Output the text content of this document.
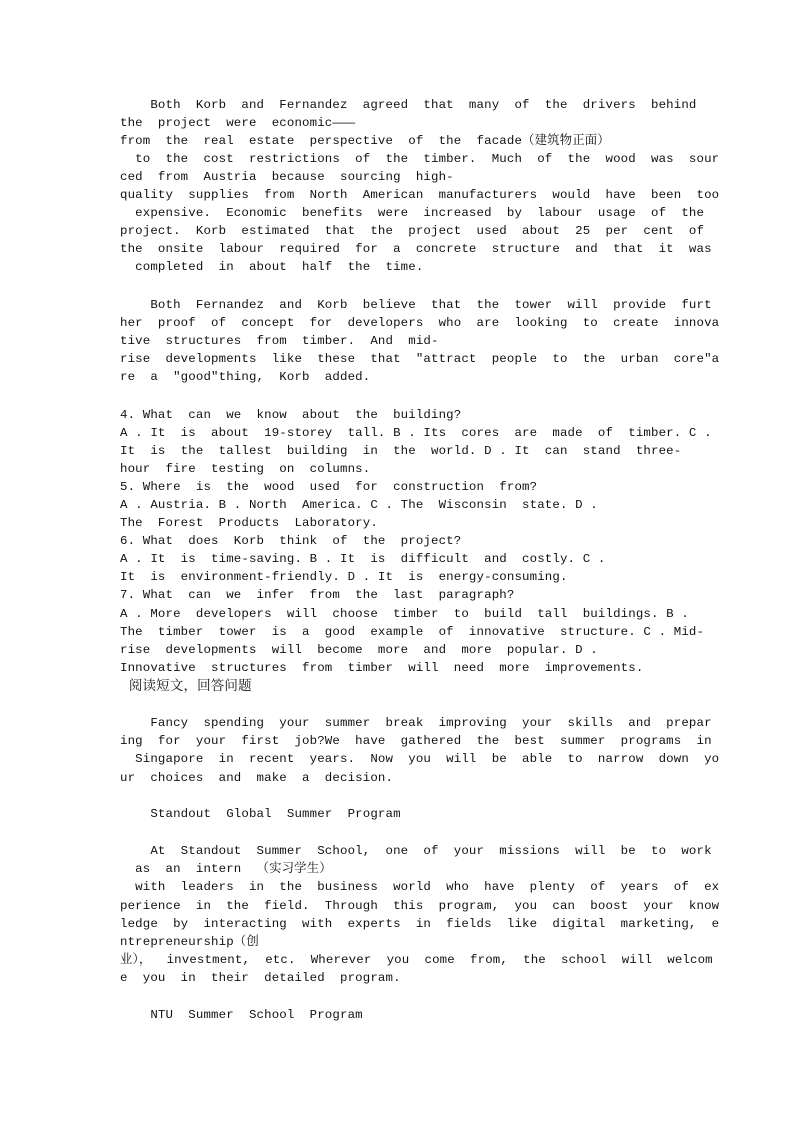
Both  Korb  and  Fernandez  agreed  that  many  of  the  drivers  behind
the  project  were  economic———
from  the  real  estate  perspective  of  the  facade（建筑物正面）
to  the  cost  restrictions  of  the  timber.  Much  of  the  wood  was  sour
ced  from  Austria  because  sourcing  high-
quality  supplies  from  North  American  manufacturers  would  have  been  too
expensive.  Economic  benefits  were  increased  by  labour  usage  of  the
project.  Korb  estimated  that  the  project  used  about  25  per  cent  of
the  onsite  labour  required  for  a  concrete  structure  and  that  it  was
completed  in  about  half  the  time.
Both  Fernandez  and  Korb  believe  that  the  tower  will  provide  furt
her  proof  of  concept  for  developers  who  are  looking  to  create  innova
tive  structures  from  timber.  And  mid-
rise  developments  like  these  that  "attract  people  to  the  urban  core"a
re  a  "good"thing,  Korb  added.
4. What  can  we  know  about  the  building?
A . It  is  about  19-storey  tall. B . Its  cores  are  made  of  timber. C .
It  is  the  tallest  building  in  the  world. D . It  can  stand  three-
hour  fire  testing  on  columns.
5. Where  is  the  wood  used  for  construction  from?
A . Austria. B . North  America. C . The  Wisconsin  state. D .
The  Forest  Products  Laboratory.
6. What  does  Korb  think  of  the  project?
A . It  is  time-saving. B . It  is  difficult  and  costly. C .
It  is  environment-friendly. D . It  is  energy-consuming.
7. What  can  we  infer  from  the  last  paragraph?
A . More  developers  will  choose  timber  to  build  tall  buildings. B .
The  timber  tower  is  a  good  example  of  innovative  structure. C . Mid-
rise  developments  will  become  more  and  more  popular. D .
Innovative  structures  from  timber  will  need  more  improvements.
阅读短文，回答问题
Fancy  spending  your  summer  break  improving  your  skills  and  prepar
ing  for  your  first  job?We  have  gathered  the  best  summer  programs  in
Singapore  in  recent  years.  Now  you  will  be  able  to  narrow  down  yo
ur  choices  and  make  a  decision.
Standout  Global  Summer  Program
At  Standout  Summer  School,  one  of  your  missions  will  be  to  work
as  an  intern  （实习学生）
with  leaders  in  the  business  world  who  have  plenty  of  years  of  ex
perience  in  the  field.  Through  this  program,  you  can  boost  your  know
ledge  by  interacting  with  experts  in  fields  like  digital  marketing,  e
ntrepreneurship（创
业），  investment,  etc.  Wherever  you  come  from,  the  school  will  welcom
e  you  in  their  detailed  program.
NTU  Summer  School  Program
